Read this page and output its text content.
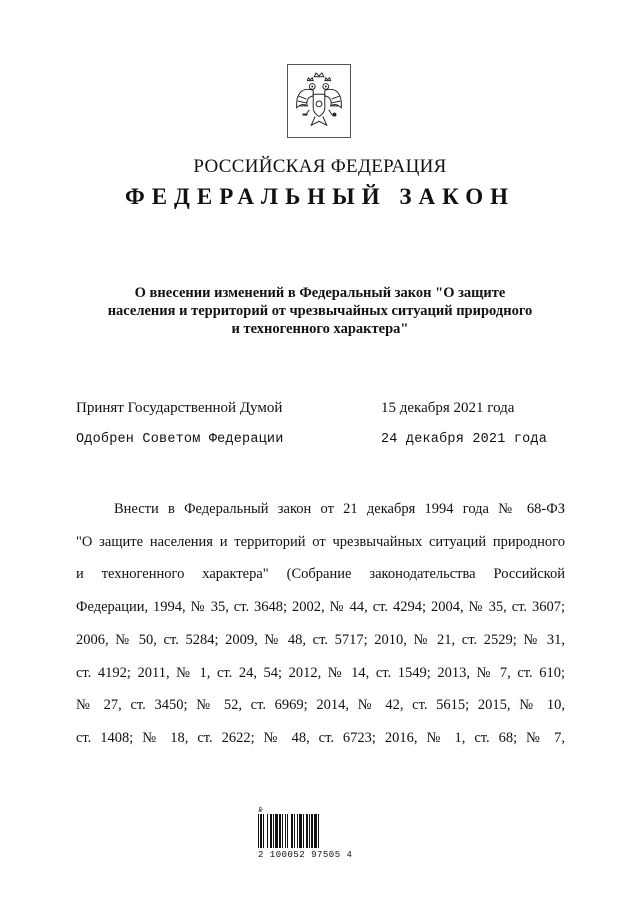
РОССИЙСКАЯ ФЕДЕРАЦИЯ
ФЕДЕРАЛЬНЫЙ ЗАКОН
О внесении изменений в Федеральный закон "О защите
населения и территорий от чрезвычайных ситуаций природного
и техногенного характера"
Принят Государственной Думой	15 декабря 2021 года
Одобрен Советом Федерации	24 декабря 2021 года
Внести в Федеральный закон от 21 декабря 1994 года № 68-ФЗ
"О защите населения и территорий от чрезвычайных ситуаций природного
и техногенного характера" (Собрание законодательства Российской
Федерации, 1994, № 35, ст. 3648; 2002, № 44, ст. 4294; 2004, № 35, ст. 3607;
2006, № 50, ст. 5284; 2009, № 48, ст. 5717; 2010, № 21, ст. 2529; № 31,
ст. 4192; 2011, № 1, ст. 24, 54; 2012, № 14, ст. 1549; 2013, № 7, ст. 610;
№ 27, ст. 3450; № 52, ст. 6969; 2014, № 42, ст. 5615; 2015, № 10,
ст. 1408; № 18, ст. 2622; № 48, ст. 6723; 2016, № 1, ст. 68; № 7,
ꝅ·
2 100052 97505 4
